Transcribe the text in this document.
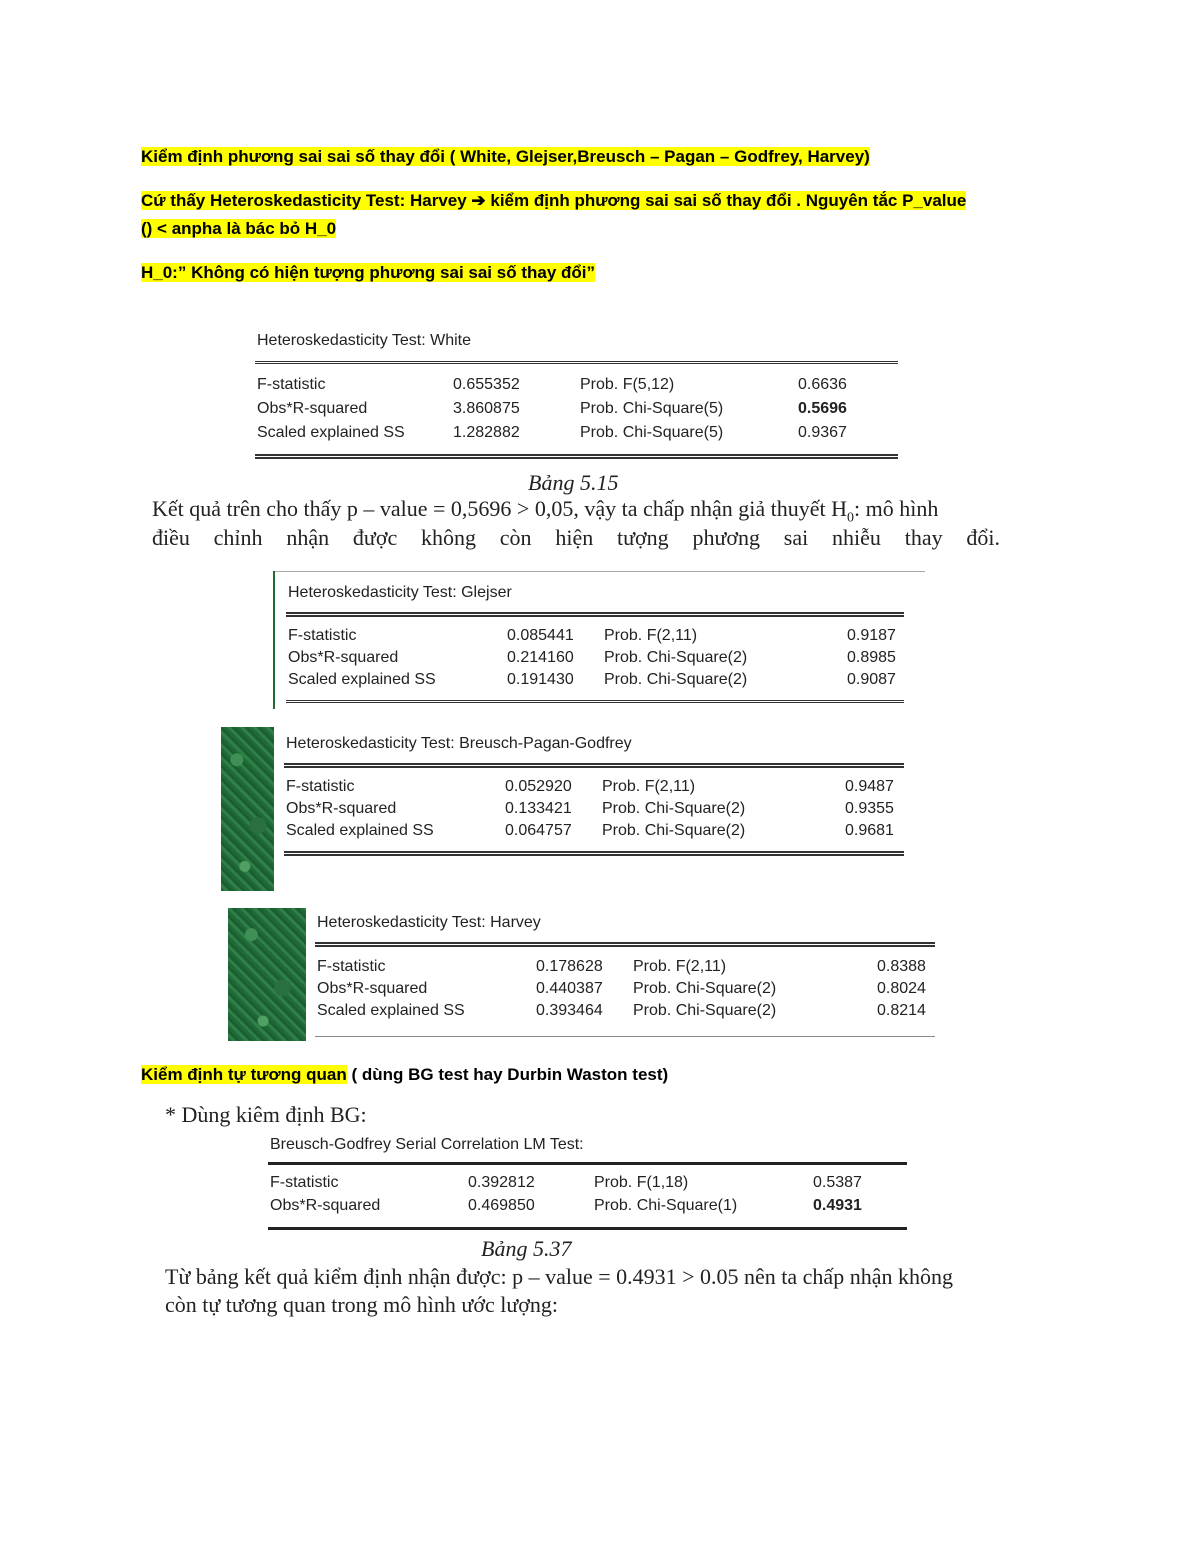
Kiểm định phương sai sai số thay đổi ( White, Glejser,Breusch – Pagan – Godfrey, Harvey)
Cứ thấy Heteroskedasticity Test: Harvey ➔ kiểm định phương sai sai số thay đổi . Nguyên tắc P_value
() < anpha là bác bỏ H_0
H_0:” Không có hiện tượng phương sai sai số thay đổi”
Heteroskedasticity Test: White
F-statistic	0.655352	Prob. F(5,12)	0.6636
Obs*R-squared	3.860875	Prob. Chi-Square(5)	0.5696
Scaled explained SS	1.282882	Prob. Chi-Square(5)	0.9367
Bảng 5.15
Kết quả trên cho thấy p – value = 0,5696 > 0,05, vậy ta chấp nhận giả thuyết $H_0$: mô hình
điều chỉnh nhận được không còn hiện tượng phương sai nhiễu thay đổi.
Heteroskedasticity Test: Glejser
F-statistic	0.085441 Prob. F(2,11)	0.9187
Obs*R-squared	0.214160 Prob. Chi-Square(2)	0.8985
Scaled explained SS	0.191430 Prob. Chi-Square(2)	0.9087
Heteroskedasticity Test: Breusch-Pagan-Godfrey
F-statistic	0.052920 Prob. F(2,11)	0.9487
Obs*R-squared	0.133421 Prob. Chi-Square(2)	0.9355
Scaled explained SS	0.064757 Prob. Chi-Square(2)	0.9681
Heteroskedasticity Test: Harvey
F-statistic	0.178628 Prob. F(2,11)	0.8388
Obs*R-squared	0.440387 Prob. Chi-Square(2)	0.8024
Scaled explained SS	0.393464 Prob. Chi-Square(2)	0.8214
Kiểm định tự tương quan ( dùng BG test hay Durbin Waston test)
* Dùng kiêm định BG:
Breusch-Godfrey Serial Correlation LM Test:
F-statistic	0.392812	Prob. F(1,18)	0.5387
Obs*R-squared	0.469850	Prob. Chi-Square(1)	0.4931
Bảng 5.37
Từ bảng kết quả kiểm định nhận được: p – value = 0.4931 > 0.05 nên ta chấp nhận không
còn tự tương quan trong mô hình ước lượng:
